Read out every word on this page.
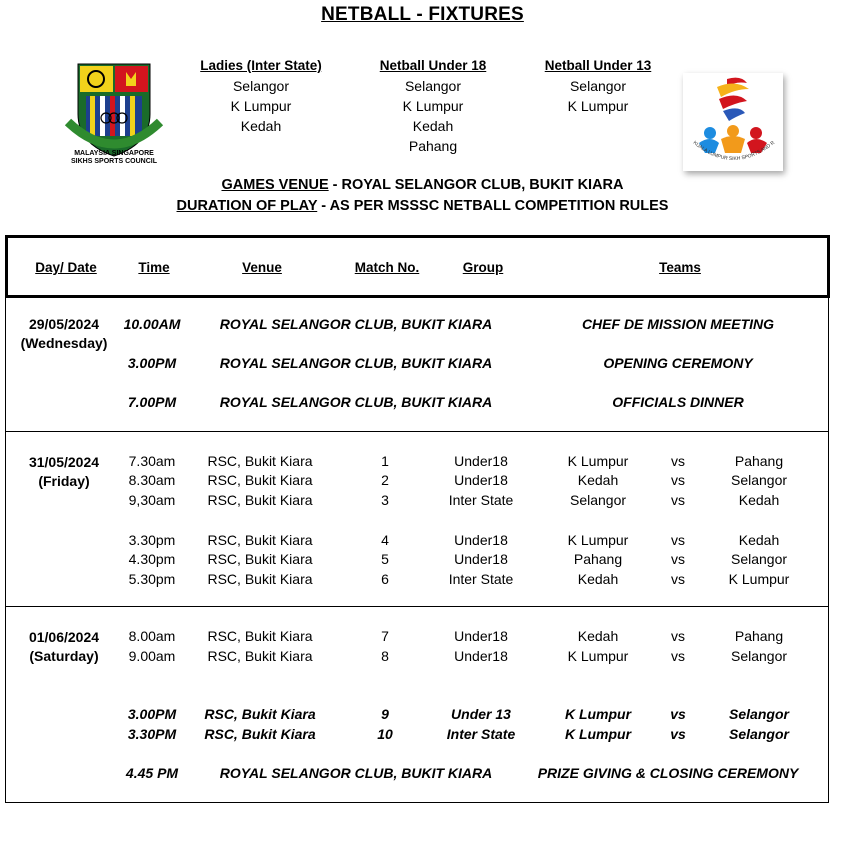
NETBALL - FIXTURES
MALAYSIA SINGAPORE
SIKHS SPORTS COUNCIL
KUALA LUMPUR SIKH SPORTS AND R
Ladies (Inter State)
Selangor
K Lumpur
Kedah
Netball Under 18
Selangor
K Lumpur
Kedah
Pahang
Netball Under 13
Selangor
K Lumpur
GAMES VENUE - ROYAL SELANGOR CLUB, BUKIT KIARA
DURATION OF PLAY - AS PER MSSSC NETBALL COMPETITION RULES
Day/ Date	Time	Venue	Match No.	Group	Teams
29/05/2024
(Wednesday)
10.00AM	ROYAL SELANGOR CLUB, BUKIT KIARA	CHEF DE MISSION MEETING
3.00PM	ROYAL SELANGOR CLUB, BUKIT KIARA	OPENING CEREMONY
7.00PM	ROYAL SELANGOR CLUB, BUKIT KIARA	OFFICIALS DINNER
31/05/2024
(Friday)
7.30am RSC, Bukit Kiara	1	Under18	K Lumpur	vs	Pahang
8.30am RSC, Bukit Kiara	2	Under18	Kedah	vs	Selangor
9,30am RSC, Bukit Kiara	3	Inter State	Selangor	vs	Kedah
3.30pm RSC, Bukit Kiara	4	Under18	K Lumpur	vs	Kedah
4.30pm RSC, Bukit Kiara	5	Under18	Pahang	vs	Selangor
5.30pm RSC, Bukit Kiara	6	Inter State	Kedah	vs	K Lumpur
01/06/2024
(Saturday)
8.00am RSC, Bukit Kiara	7	Under18	Kedah	vs	Pahang
9.00am RSC, Bukit Kiara	8	Under18	K Lumpur	vs	Selangor
3.00PM RSC, Bukit Kiara	9	Under 13	K Lumpur	vs	Selangor
3.30PM RSC, Bukit Kiara	10	Inter State	K Lumpur	vs	Selangor
4.45 PM	ROYAL SELANGOR CLUB, BUKIT KIARA	PRIZE GIVING & CLOSING CEREMONY
